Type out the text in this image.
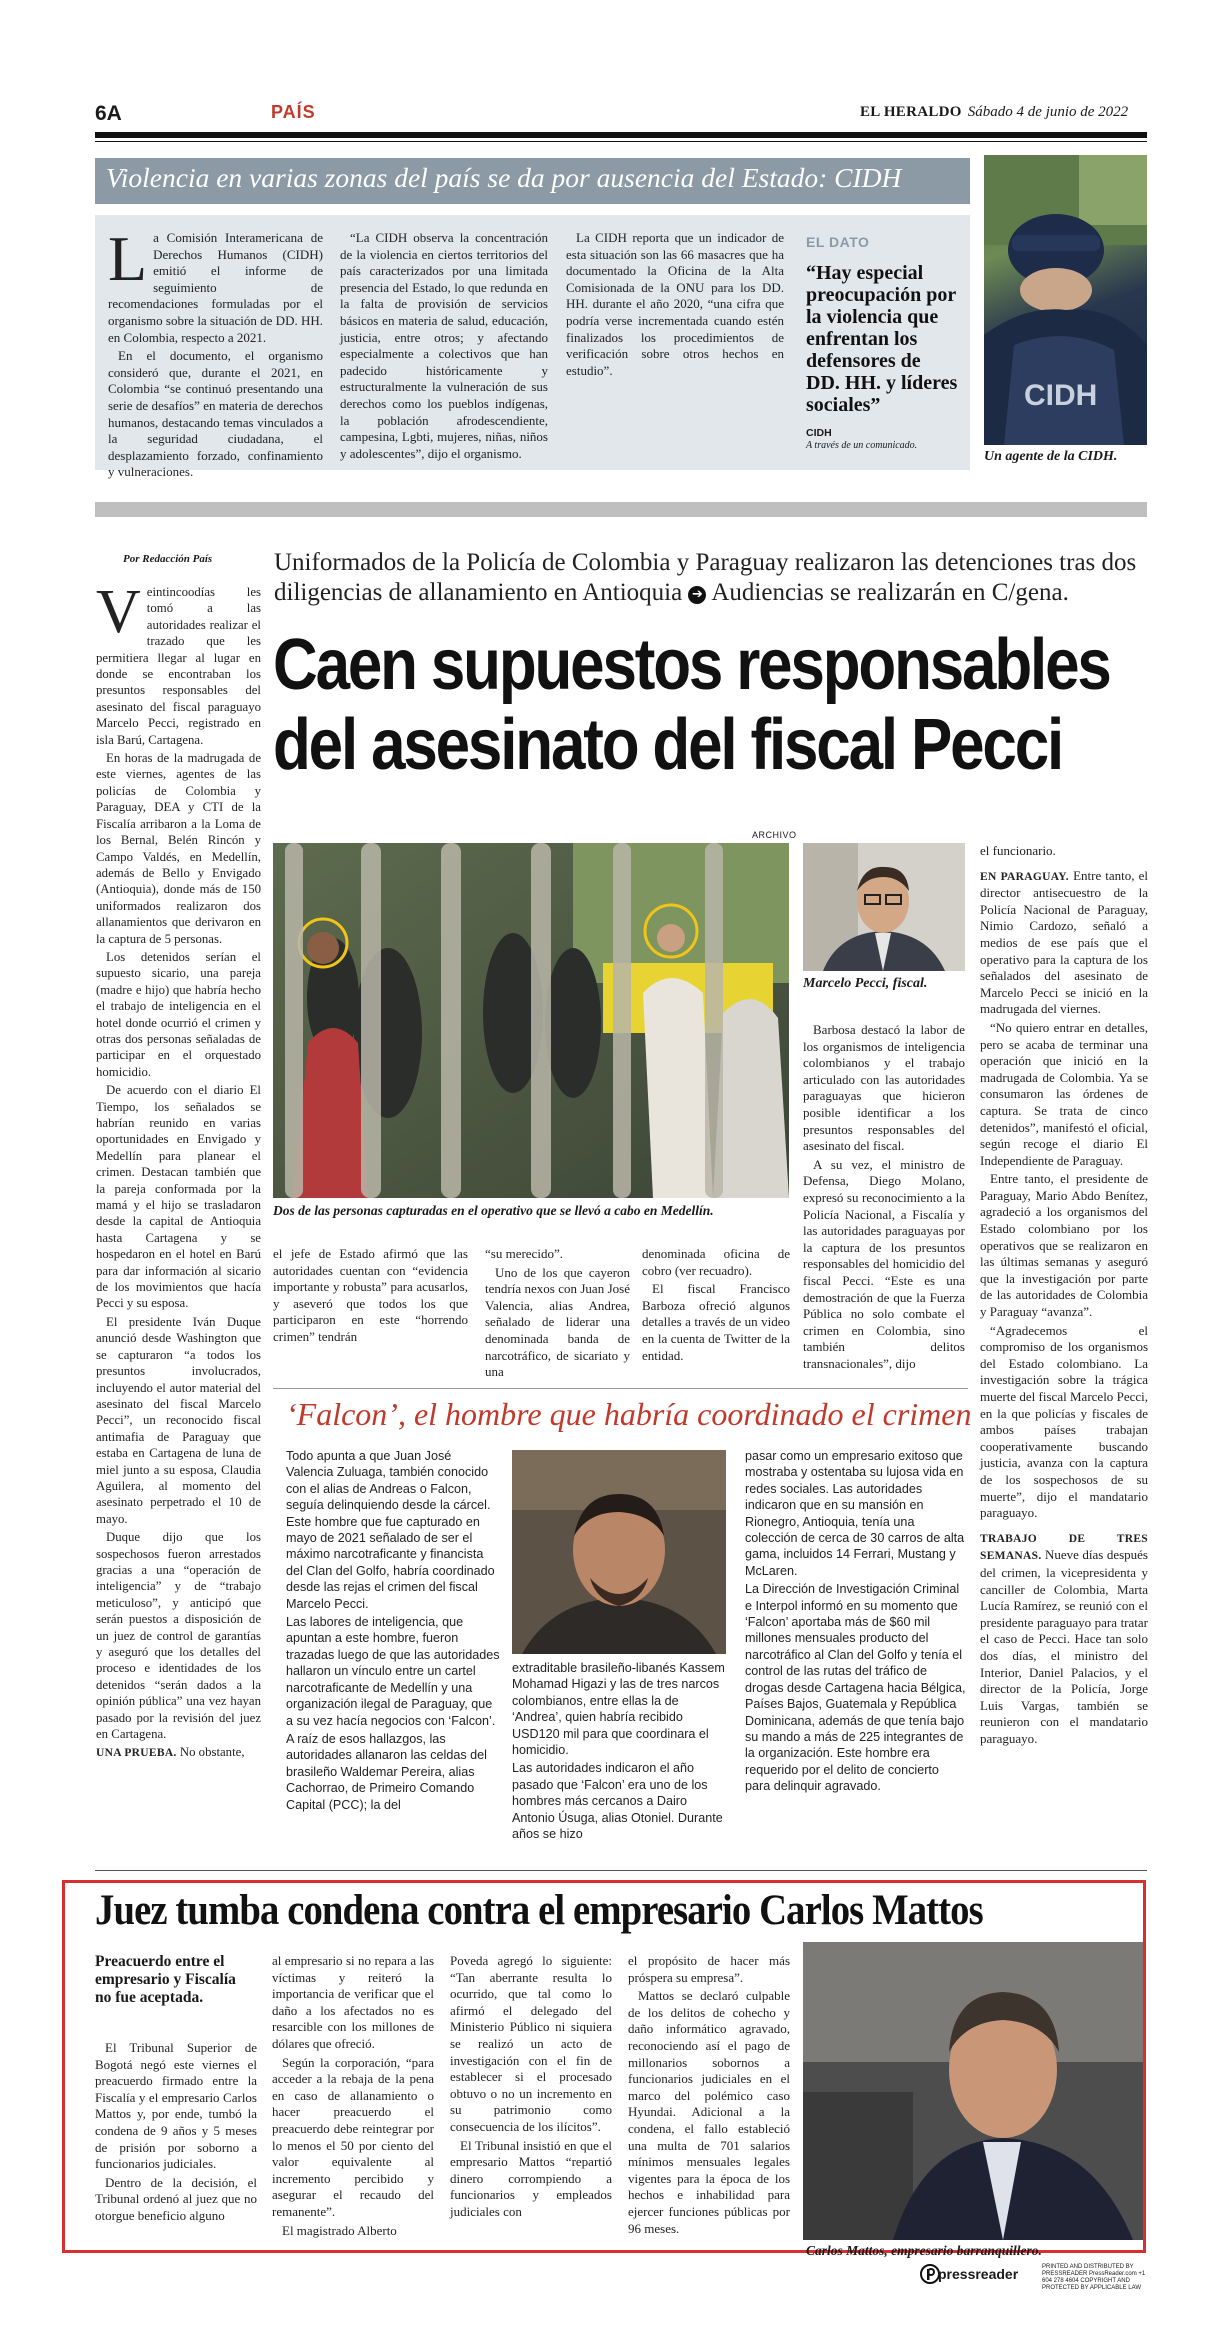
6A	PAÍS	EL HERALDO Sábado 4 de junio de 2022
Violencia en varias zonas del país se da por ausencia del Estado: CIDH

La Comisión Interamericana de Derechos Humanos (CIDH) emitió el informe de seguimiento de recomendaciones formuladas por el organismo sobre la situación de DD. HH. en Colombia, respecto a 2021.

En el documento, el organismo consideró que, durante el 2021, en Colombia “se continuó presentando una serie de desafíos” en materia de derechos humanos, destacando temas vinculados a la seguridad ciudadana, el desplazamiento forzado, confinamiento y vulneraciones.

“La CIDH observa la concentración de la violencia en ciertos territorios del país caracterizados por una limitada presencia del Estado, lo que redunda en la falta de provisión de servicios básicos en materia de salud, educación, justicia, entre otros; y afectando especialmente a colectivos que han padecido históricamente y estructuralmente la vulneración de sus derechos como los pueblos indígenas, la población afrodescendiente, campesina, Lgbti, mujeres, niñas, niños y adolescentes”, dijo el organismo.

La CIDH reporta que un indicador de esta situación son las 66 masacres que ha documentado la Oficina de la Alta Comisionada de la ONU para los DD. HH. durante el año 2020, “una cifra que podría verse incrementada cuando estén finalizados los procedimientos de verificación sobre otros hechos en estudio”.

EL DATO
“Hay especial preocupación por la violencia que enfrentan los defensores de DD. HH. y líderes sociales”
CIDH
A través de un comunicado.
CIDH
Un agente de la CIDH.
Por Redacción País Uniformados de la Policía de Colombia y Paraguay realizaron las detenciones tras dos diligencias de allanamiento en Antioquia ➔ Audiencias se realizarán en C/gena.
Caen supuestos responsables
del asesinato del fiscal Pecci

Veintincoodías les tomó a las autoridades realizar el trazado que les permitiera llegar al lugar en donde se encontraban los presuntos responsables del asesinato del fiscal paraguayo Marcelo Pecci, registrado en isla Barú, Cartagena.

En horas de la madrugada de este viernes, agentes de las policías de Colombia y Paraguay, DEA y CTI de la Fiscalía arribaron a la Loma de los Bernal, Belén Rincón y Campo Valdés, en Medellín, además de Bello y Envigado (Antioquia), donde más de 150 uniformados realizaron dos allanamientos que derivaron en la captura de 5 personas.

Los detenidos serían el supuesto sicario, una pareja (madre e hijo) que habría hecho el trabajo de inteligencia en el hotel donde ocurrió el crimen y otras dos personas señaladas de participar en el orquestado homicidio.

De acuerdo con el diario El Tiempo, los señalados se habrían reunido en varias oportunidades en Envigado y Medellín para planear el crimen. Destacan también que la pareja conformada por la mamá y el hijo se trasladaron desde la capital de Antioquia hasta Cartagena y se hospedaron en el hotel en Barú para dar información al sicario de los movimientos que hacía Pecci y su esposa.

El presidente Iván Duque anunció desde Washington que se capturaron “a todos los presuntos involucrados, incluyendo el autor material del asesinato del fiscal Marcelo Pecci”, un reconocido fiscal antimafia de Paraguay que estaba en Cartagena de luna de miel junto a su esposa, Claudia Aguilera, al momento del asesinato perpetrado el 10 de mayo.

Duque dijo que los sospechosos fueron arrestados gracias a una “operación de inteligencia” y de “trabajo meticuloso”, y anticipó que serán puestos a disposición de un juez de control de garantías y aseguró que los detalles del proceso e identidades de los detenidos “serán dados a la opinión pública” una vez hayan pasado por la revisión del juez en Cartagena.

UNA PRUEBA. No obstante,

ARCHIVO
Dos de las personas capturadas en el operativo que se llevó a cabo en Medellín.
Marcelo Pecci, fiscal.

el jefe de Estado afirmó que las autoridades cuentan con “evidencia importante y robusta” para acusarlos, y aseveró que todos los que participaron en este “horrendo crimen” tendrán

“su merecido”.

Uno de los que cayeron tendría nexos con Juan José Valencia, alias Andrea, señalado de liderar una denominada banda de narcotráfico, de sicariato y una

denominada oficina de cobro (ver recuadro).

El fiscal Francisco Barboza ofreció algunos detalles a través de un video en la cuenta de Twitter de la entidad.

Barbosa destacó la labor de los organismos de inteligencia colombianos y el trabajo articulado con las autoridades paraguayas que hicieron posible identificar a los presuntos responsables del asesinato del fiscal.

A su vez, el ministro de Defensa, Diego Molano, expresó su reconocimiento a la Policía Nacional, a Fiscalía y las autoridades paraguayas por la captura de los presuntos responsables del homicidio del fiscal Pecci. “Este es una demostración de que la Fuerza Pública no solo combate el crimen en Colombia, sino también delitos transnacionales”, dijo

el funcionario.

EN PARAGUAY. Entre tanto, el director antisecuestro de la Policía Nacional de Paraguay, Nimio Cardozo, señaló a medios de ese país que el operativo para la captura de los señalados del asesinato de Marcelo Pecci se inició en la madrugada del viernes.

“No quiero entrar en detalles, pero se acaba de terminar una operación que inició en la madrugada de Colombia. Ya se consumaron las órdenes de captura. Se trata de cinco detenidos”, manifestó el oficial, según recoge el diario El Independiente de Paraguay.

Entre tanto, el presidente de Paraguay, Mario Abdo Benítez, agradeció a los organismos del Estado colombiano por los operativos que se realizaron en las últimas semanas y aseguró que la investigación por parte de las autoridades de Colombia y Paraguay “avanza”.

“Agradecemos el compromiso de los organismos del Estado colombiano. La investigación sobre la trágica muerte del fiscal Marcelo Pecci, en la que policías y fiscales de ambos países trabajan cooperativamente buscando justicia, avanza con la captura de los sospechosos de su muerte”, dijo el mandatario paraguayo.

TRABAJO DE TRES SEMANAS. Nueve días después del crimen, la vicepresidenta y canciller de Colombia, Marta Lucía Ramírez, se reunió con el presidente paraguayo para tratar el caso de Pecci. Hace tan solo dos días, el ministro del Interior, Daniel Palacios, y el director de la Policía, Jorge Luis Vargas, también se reunieron con el mandatario paraguayo.

‘Falcon’, el hombre que habría coordinado el crimen

Todo apunta a que Juan José Valencia Zuluaga, también conocido con el alias de Andreas o Falcon, seguía delinquiendo desde la cárcel. Este hombre que fue capturado en mayo de 2021 señalado de ser el máximo narcotraficante y financista del Clan del Golfo, habría coordinado desde las rejas el crimen del fiscal Marcelo Pecci.

Las labores de inteligencia, que apuntan a este hombre, fueron trazadas luego de que las autoridades hallaron un vínculo entre un cartel narcotraficante de Medellín y una organización ilegal de Paraguay, que a su vez hacía negocios con ‘Falcon’.

A raíz de esos hallazgos, las autoridades allanaron las celdas del brasileño Waldemar Pereira, alias Cachorrao, de Primeiro Comando Capital (PCC); la del

extraditable brasileño-libanés Kassem Mohamad Higazi y las de tres narcos colombianos, entre ellas la de ‘Andrea’, quien habría recibido USD120 mil para que coordinara el homicidio.

Las autoridades indicaron el año pasado que ‘Falcon’ era uno de los hombres más cercanos a Dairo Antonio Úsuga, alias Otoniel. Durante años se hizo

pasar como un empresario exitoso que mostraba y ostentaba su lujosa vida en redes sociales. Las autoridades indicaron que en su mansión en Rionegro, Antioquia, tenía una colección de cerca de 30 carros de alta gama, incluidos 14 Ferrari, Mustang y McLaren.

La Dirección de Investigación Criminal e Interpol informó en su momento que ‘Falcon’ aportaba más de $60 mil millones mensuales producto del narcotráfico al Clan del Golfo y tenía el control de las rutas del tráfico de drogas desde Cartagena hacia Bélgica, Países Bajos, Guatemala y República Dominicana, además de que tenía bajo su mando a más de 225 integrantes de la organización. Este hombre era requerido por el delito de concierto para delinquir agravado.

Juez tumba condena contra el empresario Carlos Mattos
Preacuerdo entre el empresario y Fiscalía no fue aceptada.

El Tribunal Superior de Bogotá negó este viernes el preacuerdo firmado entre la Fiscalía y el empresario Carlos Mattos y, por ende, tumbó la condena de 9 años y 5 meses de prisión por soborno a funcionarios judiciales.

Dentro de la decisión, el Tribunal ordenó al juez que no otorgue beneficio alguno

al empresario si no repara a las víctimas y reiteró la importancia de verificar que el daño a los afectados no es resarcible con los millones de dólares que ofreció.

Según la corporación, “para acceder a la rebaja de la pena en caso de allanamiento o hacer preacuerdo el preacuerdo debe reintegrar por lo menos el 50 por ciento del valor equivalente al incremento percibido y asegurar el recaudo del remanente”.

El magistrado Alberto

Poveda agregó lo siguiente: “Tan aberrante resulta lo ocurrido, que tal como lo afirmó el delegado del Ministerio Público ni siquiera se realizó un acto de investigación con el fin de establecer si el procesado obtuvo o no un incremento en su patrimonio como consecuencia de los ilícitos”.

El Tribunal insistió en que el empresario Mattos “repartió dinero corrompiendo a funcionarios y empleados judiciales con

el propósito de hacer más próspera su empresa”.

Mattos se declaró culpable de los delitos de cohecho y daño informático agravado, reconociendo así el pago de millonarios sobornos a funcionarios judiciales en el marco del polémico caso Hyundai. Adicional a la condena, el fallo estableció una multa de 701 salarios mínimos mensuales legales vigentes para la época de los hechos e inhabilidad para ejercer funciones públicas por 96 meses.

Carlos Mattos, empresario barranquillero.
pressreader	PRINTED AND DISTRIBUTED BY PRESSREADER PressReader.com +1 604 278 4604 COPYRIGHT AND PROTECTED BY APPLICABLE LAW
